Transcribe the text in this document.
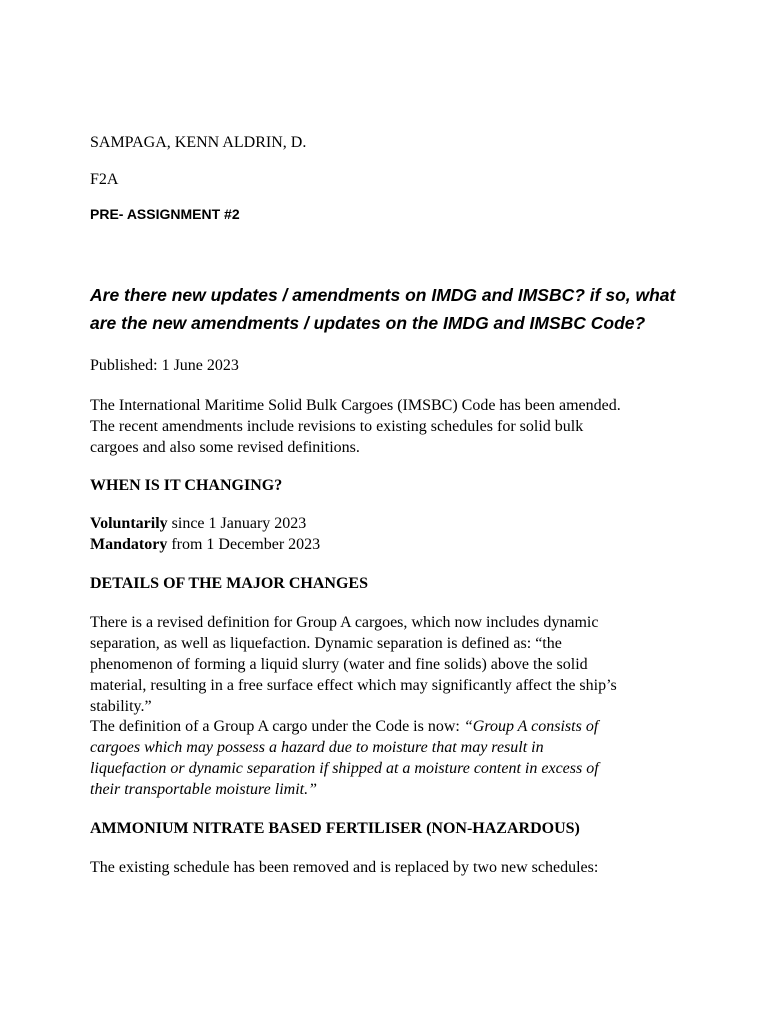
SAMPAGA, KENN ALDRIN, D.

F2A

PRE- ASSIGNMENT #2

Are there new updates / amendments on IMDG and IMSBC? if so, what
are the new amendments / updates on the IMDG and IMSBC Code?

Published: 1 June 2023

The International Maritime Solid Bulk Cargoes (IMSBC) Code has been amended.
The recent amendments include revisions to existing schedules for solid bulk
cargoes and also some revised definitions.

WHEN IS IT CHANGING?

Voluntarily since 1 January 2023

Mandatory from 1 December 2023

DETAILS OF THE MAJOR CHANGES

There is a revised definition for Group A cargoes, which now includes dynamic
separation, as well as liquefaction. Dynamic separation is defined as: “the
phenomenon of forming a liquid slurry (water and fine solids) above the solid
material, resulting in a free surface effect which may significantly affect the ship’s
stability.”
The definition of a Group A cargo under the Code is now: “Group A consists of
cargoes which may possess a hazard due to moisture that may result in
liquefaction or dynamic separation if shipped at a moisture content in excess of
their transportable moisture limit.”

AMMONIUM NITRATE BASED FERTILISER (NON-HAZARDOUS)

The existing schedule has been removed and is replaced by two new schedules:
